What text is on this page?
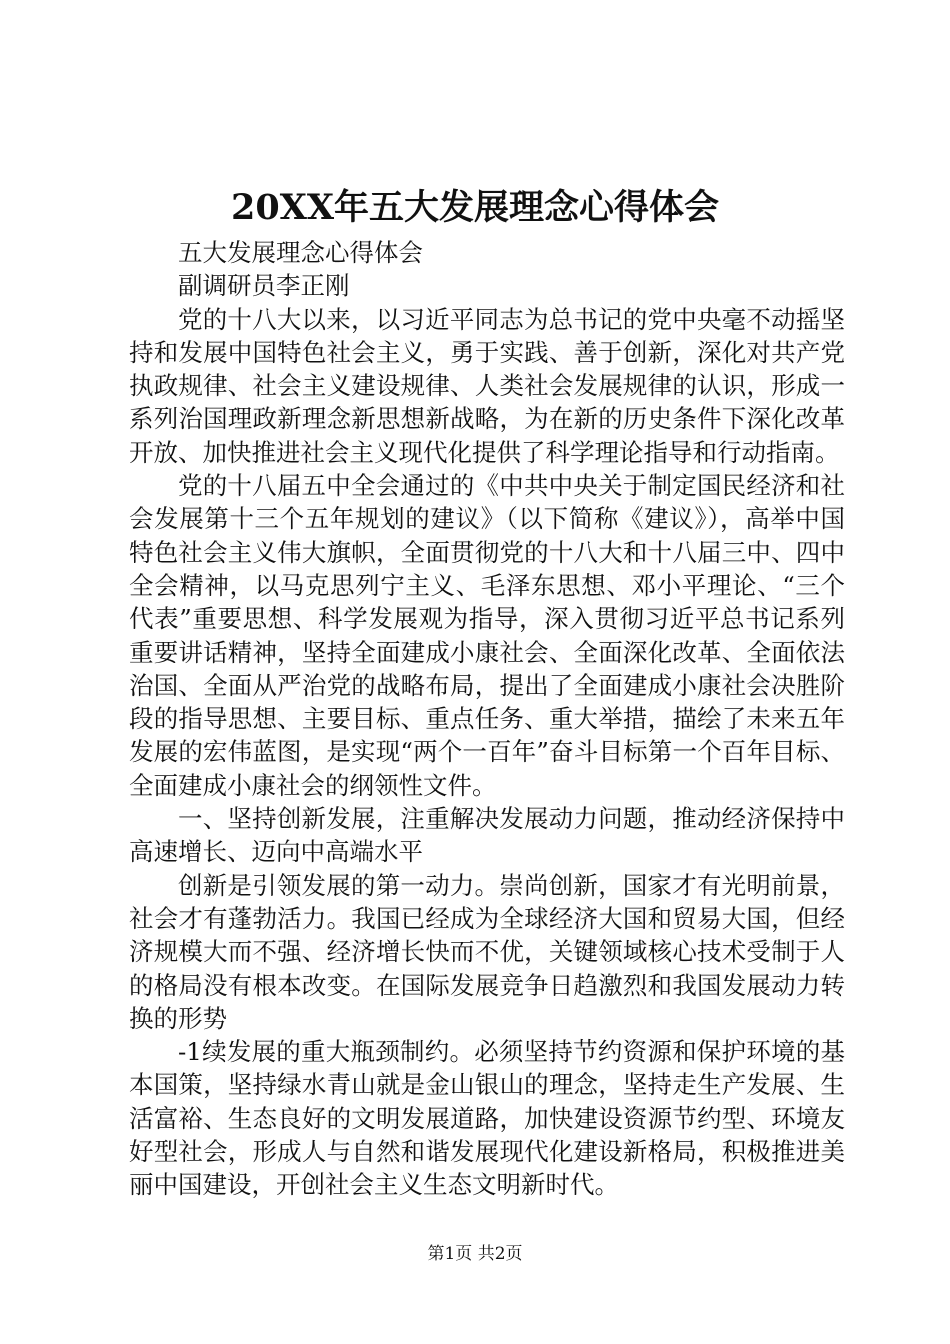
20XX年五大发展理念心得体会

五大发展理念心得体会

副调研员李正刚

党的十八大以来，以习近平同志为总书记的党中央毫不动摇坚持和发展中国特色社会主义，勇于实践、善于创新，深化对共产党执政规律、社会主义建设规律、人类社会发展规律的认识，形成一系列治国理政新理念新思想新战略，为在新的历史条件下深化改革开放、加快推进社会主义现代化提供了科学理论指导和行动指南。

党的十八届五中全会通过的《中共中央关于制定国民经济和社会发展第十三个五年规划的建议》（以下简称《建议》），高举中国特色社会主义伟大旗帜，全面贯彻党的十八大和十八届三中、四中全会精神，以马克思列宁主义、毛泽东思想、邓小平理论、“三个代表”重要思想、科学发展观为指导，深入贯彻习近平总书记系列重要讲话精神，坚持全面建成小康社会、全面深化改革、全面依法治国、全面从严治党的战略布局，提出了全面建成小康社会决胜阶段的指导思想、主要目标、重点任务、重大举措，描绘了未来五年发展的宏伟蓝图，是实现“两个一百年”奋斗目标第一个百年目标、全面建成小康社会的纲领性文件。

一、坚持创新发展，注重解决发展动力问题，推动经济保持中高速增长、迈向中高端水平

创新是引领发展的第一动力。崇尚创新，国家才有光明前景，社会才有蓬勃活力。我国已经成为全球经济大国和贸易大国，但经济规模大而不强、经济增长快而不优，关键领域核心技术受制于人的格局没有根本改变。在国际发展竞争日趋激烈和我国发展动力转换的形势

-1续发展的重大瓶颈制约。必须坚持节约资源和保护环境的基本国策，坚持绿水青山就是金山银山的理念，坚持走生产发展、生活富裕、生态良好的文明发展道路，加快建设资源节约型、环境友好型社会，形成人与自然和谐发展现代化建设新格局，积极推进美丽中国建设，开创社会主义生态文明新时代。

第1页 共2页
